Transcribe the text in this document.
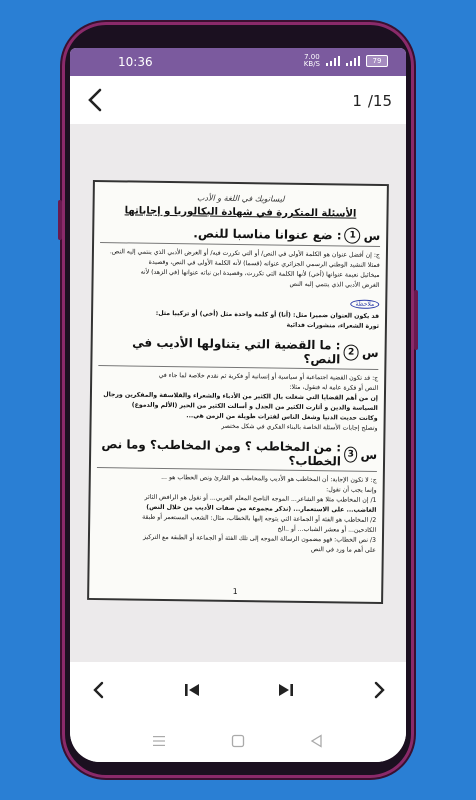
10:36	7.00
KB/S	79
1 /15
ليسانويك في اللغة و الأدب
الأسئلة المتكررة في شهادة البكالوريا و إجاباتها
س
1
: ضع عنوانا مناسبا للنص.
ج: إن أفضل عنوان هو الكلمة الأولى في النص/ أو التي تكررت فيه/ أو الغرض الأدبي الذي ينتمي إليه النص.
فمثلا النشيد الوطني الرسمي الجزائري عنوانه (قسما) لأنه الكلمة الأولى في النص، وقصيدة
ميخائيل نعيمة عنوانها (أخي) لأنها الكلمة التي تكررت، وقصيدة ابن نباته عنوانها (في الزهد) لأنه
الغرض الأدبي الذي ينتمي إليه النص
ملاحظة
قد يكون العنوان ضميرا مثل: (أنا) أو كلمة واحدة مثل (أخي) أو تركيبا مثل:
ثورة الشعراء، منشورات فدائية
س
2
: ما القضية التي يتناولها الأديب في النص؟
ج: قد تكون القضية اجتماعية أو سياسية أو إنسانية أو فكرية ثم نقدم خلاصة لما جاء في
النص أو فكرة عامة له فنقول، مثلا:
إن من أهم القضايا التي شغلت بال الكثير من الأدباء والشعراء والفلاسفة والمفكرين ورجال
السياسة والدين و أثارت الكثير من الجدل و أسالت الكثير من الحبر (الألم والدموع)
وكانت حديث الدنيا وشغل الناس لفترات طويلة من الزمن هي...
وتصلح إجابات الأسئلة الخاصة بالبناء الفكري في شكل مختصر
س
3
: من المخاطب ؟ ومن المخاطب؟ وما نص الخطاب؟
ج: لا تكون الإجابة: أن المخاطب هو الأديب والمخاطب هو القارئ ونص الخطاب هو ...
وإنما يجب أن نقول:
1/ إن المخاطب مثلا هو الشاعر... الموجه الناصح المعلم العربي... أو نقول هو الرافض الثائر
الغاضب... على الاستعمار... (نذكر مجموعة من صفات الأديب من خلال النص)
2/ المخاطب هو الفئة أو الجماعة التي يتوجه إليها بالخطاب، مثال: الشعب المستعمر أو طبقة
الكادحين... أو معشر الشباب... أو ..الخ
3/ نص الخطاب: فهو مضمون الرسالة الموجه إلى تلك الفئة أو الجماعة أو الطبقة مع التركيز
على أهم ما ورد في النص
1
